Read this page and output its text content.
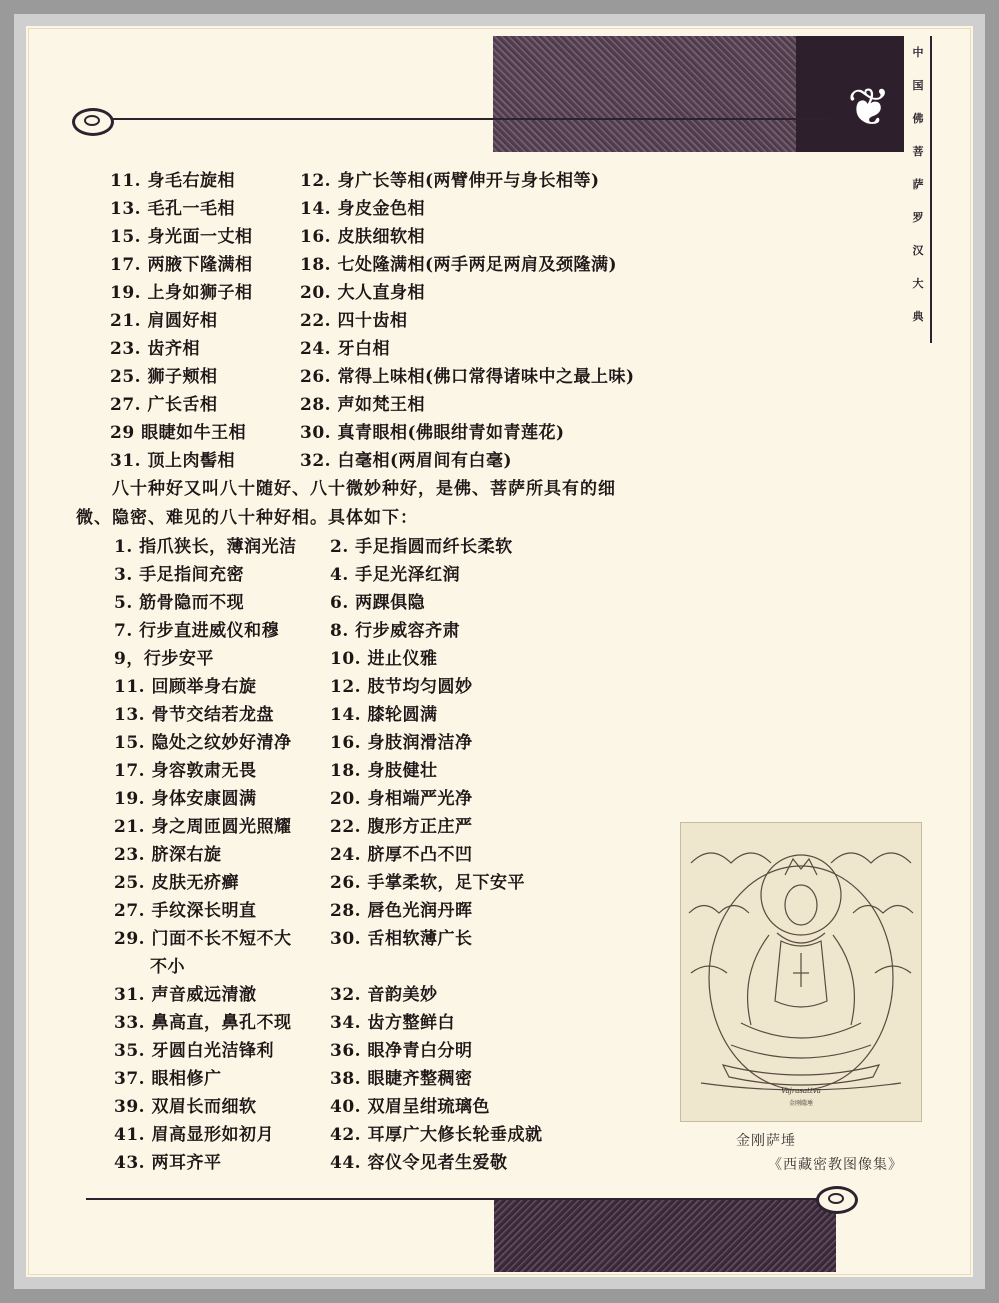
❦
中
国
佛
菩
萨
罗
汉
大
典
11. 身毛右旋相	12. 身广长等相(两臂伸开与身长相等)
13. 毛孔一毛相	14. 身皮金色相
15. 身光面一丈相	16. 皮肤细软相
17. 两腋下隆满相	18. 七处隆满相(两手两足两肩及颈隆满)
19. 上身如狮子相	20. 大人直身相
21. 肩圆好相	22. 四十齿相
23. 齿齐相	24. 牙白相
25. 狮子颊相	26. 常得上味相(佛口常得诸味中之最上味)
27. 广长舌相	28. 声如梵王相
29 眼睫如牛王相	30. 真青眼相(佛眼绀青如青莲花)
31. 顶上肉髻相	32. 白毫相(两眉间有白毫)
八十种好又叫八十随好、八十微妙种好，是佛、菩萨所具有的细
微、隐密、难见的八十种好相。具体如下：
1. 指爪狭长，薄润光洁 2. 手足指圆而纤长柔软
3. 手足指间充密	4. 手足光泽红润
5. 筋骨隐而不现	6. 两踝俱隐
7. 行步直进威仪和穆	8. 行步威容齐肃
9，行步安平	10. 进止仪雅
11. 回顾举身右旋	12. 肢节均匀圆妙
13. 骨节交结若龙盘	14. 膝轮圆满
15. 隐处之纹妙好清净 16. 身肢润滑洁净
17. 身容敦肃无畏	18. 身肢健壮
19. 身体安康圆满	20. 身相端严光净
21. 身之周匝圆光照耀 22. 腹形方正庄严
23. 脐深右旋	24. 脐厚不凸不凹
25. 皮肤无疥癣	26. 手掌柔软，足下安平
27. 手纹深长明直	28. 唇色光润丹晖
29. 门面不长不短不大 30. 舌相软薄广长
不小
31. 声音威远清澈	32. 音韵美妙
33. 鼻高直，鼻孔不现 34. 齿方整鲜白
35. 牙圆白光洁锋利	36. 眼净青白分明
37. 眼相修广	38. 眼睫齐整稠密
39. 双眉长而细软	40. 双眉呈绀琉璃色
41. 眉高显形如初月	42. 耳厚广大修长轮垂成就
43. 两耳齐平	44. 容仪令见者生爱敬
Vajrasattva
金刚薩埵
金刚萨埵
《西藏密教图像集》
